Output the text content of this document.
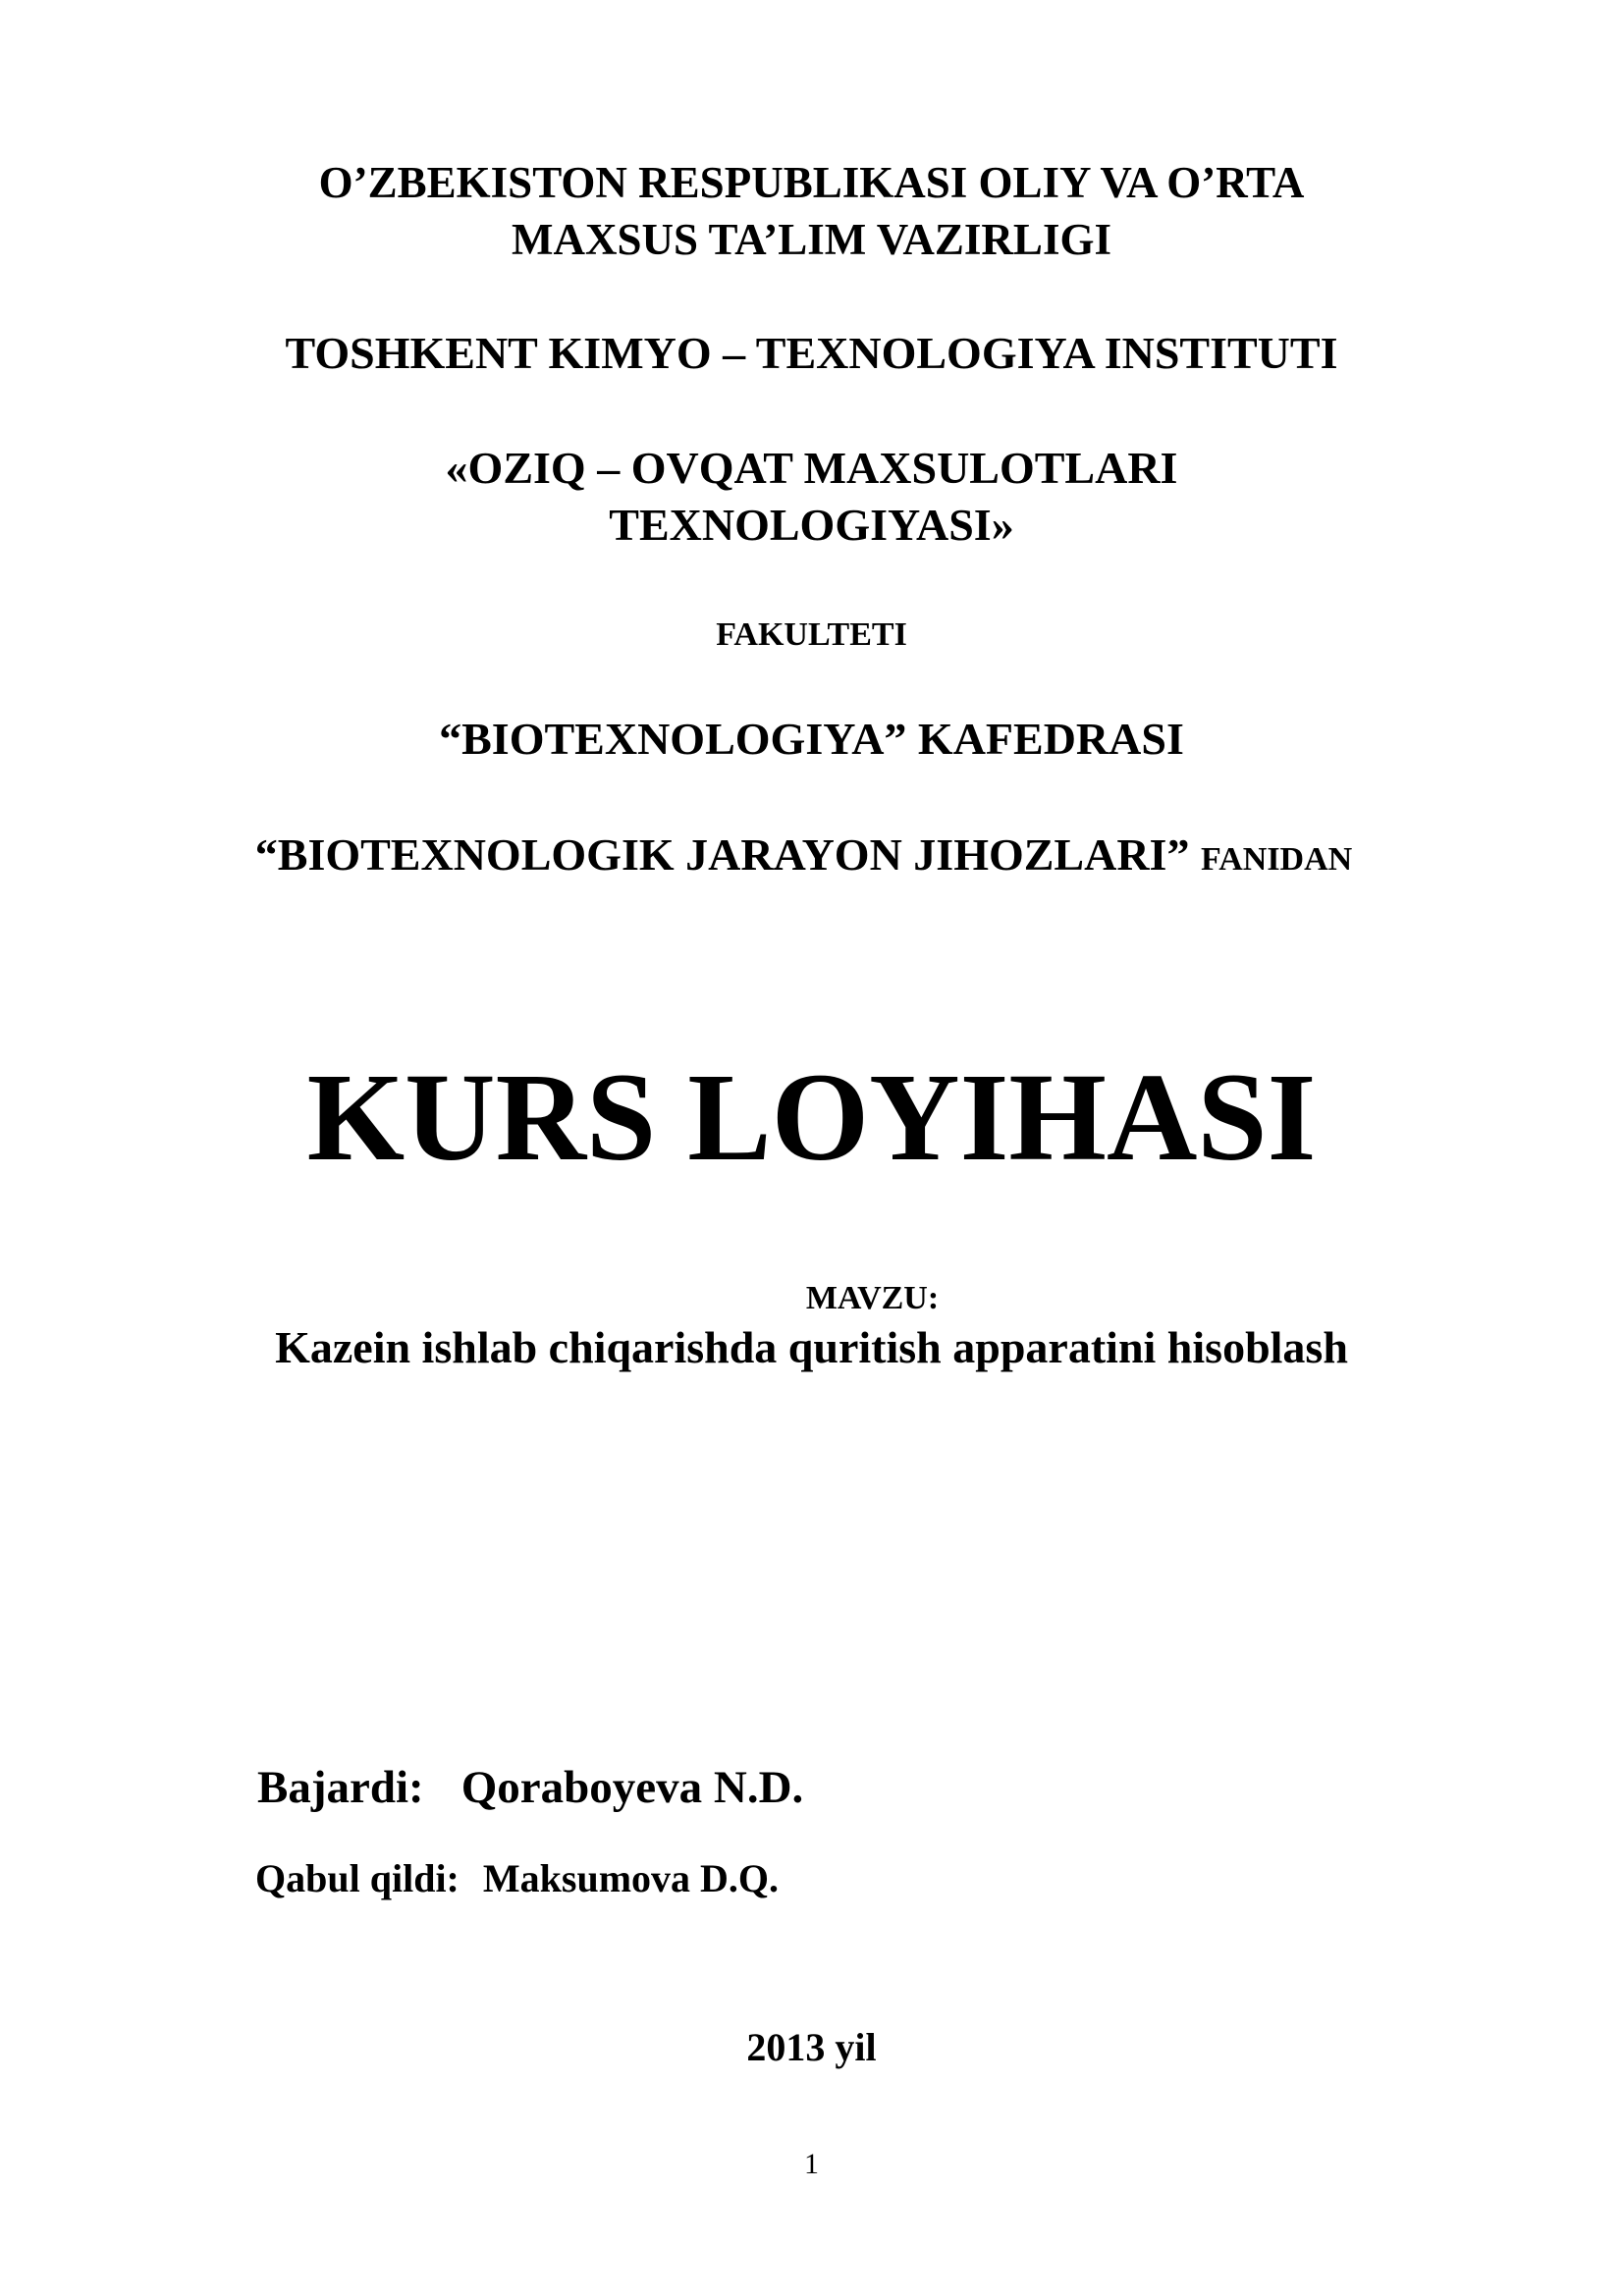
O’ZBEKISTON RESPUBLIKASI OLIY VA O’RTA
MAXSUS TA’LIM VAZIRLIGI
TOSHKENT KIMYO – TEXNOLOGIYA INSTITUTI
«OZIQ – OVQAT MAXSULOTLARI
TEXNOLOGIYASI»
FAKULTETI
“BIOTEXNOLOGIYA” KAFEDRASI
“BIOTEXNOLOGIK JARAYON JIHOZLARI” FANIDAN
KURS LOYIHASI
MAVZU:
Kazein ishlab chiqarishda quritish apparatini hisoblash
Bajardi: Qoraboyeva N.D.
Qabul qildi: Maksumova D.Q.
2013 yil
1
